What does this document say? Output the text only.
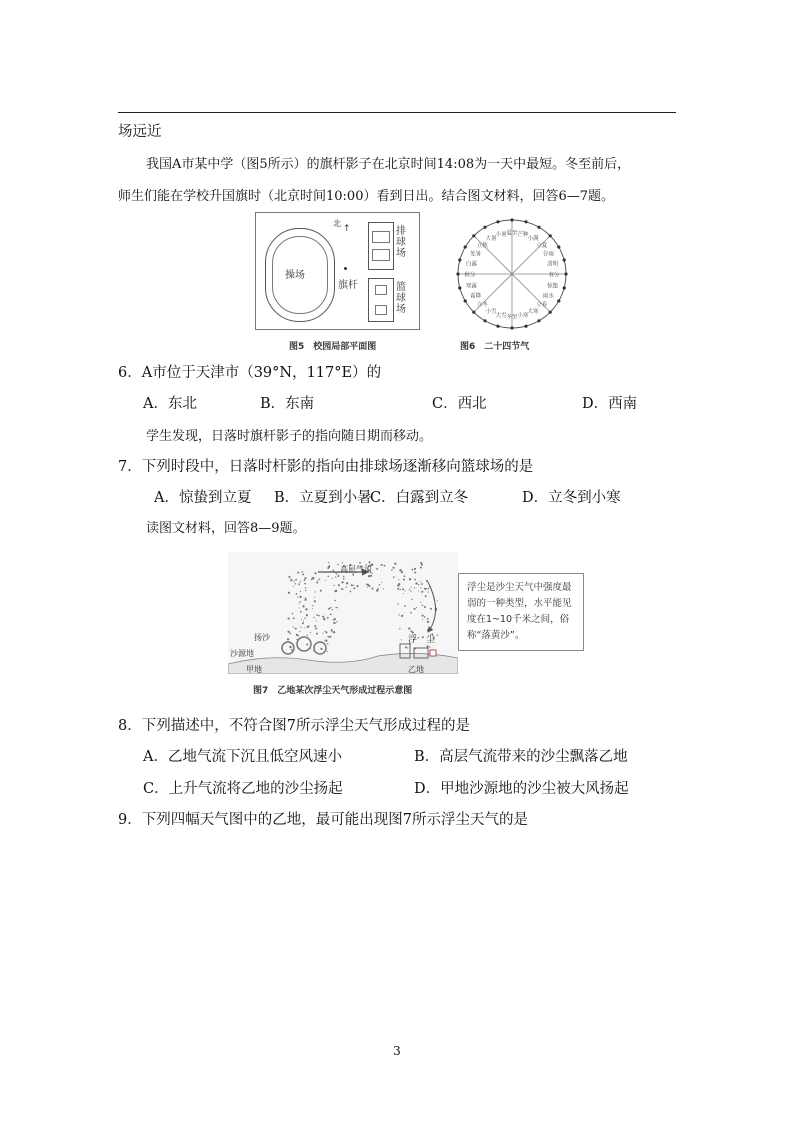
场远近
我国A市某中学（图5所示）的旗杆影子在北京时间14:08为一天中最短。冬至前后，
师生们能在学校升国旗时（北京时间10:00）看到日出。结合图文材料，回答6—7题。
操场
北
↑
旗杆
排球场
篮球场
图5　校园局部平面图
春分
清明
谷雨
立夏
小满
芒种
夏至
小暑
大暑
立秋
处暑
白露
秋分
寒露
霜降
立冬
小雪
大雪 冬至 小寒
大寒
立春
雨水
惊蛰
图6　二十四节气
6．A市位于天津市（39°N，117°E）的
A．东北	B．东南	C．西北	D．西南
学生发现，日落时旗杆影子的指向随日期而移动。
7．下列时段中，日落时杆影的指向由排球场逐渐移向篮球场的是
A．惊蛰到立夏 B．立夏到小暑
C．白露到立冬	D．立冬到小寒
读图文材料，回答8—9题。
高层气流
沙源地
甲地
扬沙	浮　尘
乙地
浮尘是沙尘天气中强度最弱的一种类型，水平能见度在1~10千米之间，俗称“落黄沙”。
图7　乙地某次浮尘天气形成过程示意图
8．下列描述中，不符合图7所示浮尘天气形成过程的是
A．乙地气流下沉且低空风速小	B．高层气流带来的沙尘飘落乙地
C．上升气流将乙地的沙尘扬起	D．甲地沙源地的沙尘被大风扬起
9．下列四幅天气图中的乙地，最可能出现图7所示浮尘天气的是
3
